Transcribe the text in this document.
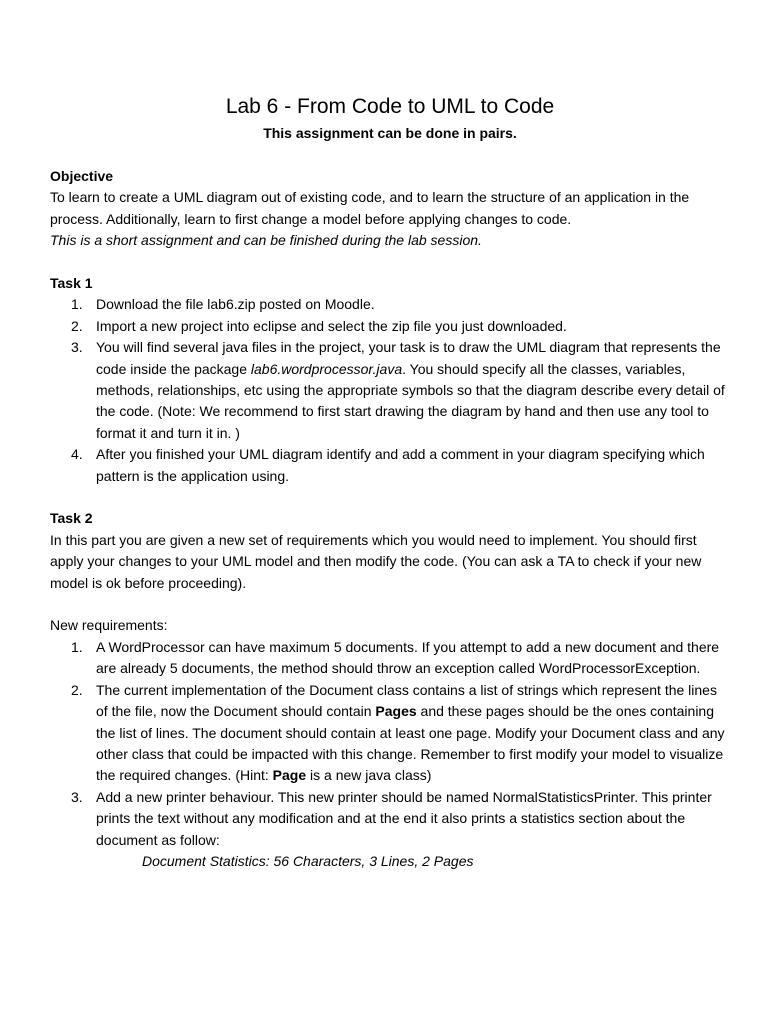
Lab 6 - From Code to UML to Code
This assignment can be done in pairs.
Objective

To learn to create a UML diagram out of existing code, and to learn the structure of an application in the process. Additionally, learn to first change a model before applying changes to code.

This is a short assignment and can be finished during the lab session.

Task 1
1. Download the file lab6.zip posted on Moodle.
2. Import a new project into eclipse and select the zip file you just downloaded.
3. You will find several java files in the project, your task is to draw the UML diagram that represents the code inside the package lab6.wordprocessor.java. You should specify all the classes, variables, methods, relationships, etc using the appropriate symbols so that the diagram describe every detail of the code. (Note: We recommend to first start drawing the diagram by hand and then use any tool to format it and turn it in. )
4. After you finished your UML diagram identify and add a comment in your diagram specifying which pattern is the application using.
Task 2

In this part you are given a new set of requirements which you would need to implement. You should first apply your changes to your UML model and then modify the code. (You can ask a TA to check if your new model is ok before proceeding).

New requirements:

1. A WordProcessor can have maximum 5 documents. If you attempt to add a new document and there are already 5 documents, the method should throw an exception called WordProcessorException.
2. The current implementation of the Document class contains a list of strings which represent the lines of the file, now the Document should contain Pages and these pages should be the ones containing the list of lines. The document should contain at least one page. Modify your Document class and any other class that could be impacted with this change. Remember to first modify your model to visualize the required changes. (Hint: Page is a new java class)
3. Add a new printer behaviour. This new printer should be named NormalStatisticsPrinter. This printer prints the text without any modification and at the end it also prints a statistics section about the document as follow:
Document Statistics: 56 Characters, 3 Lines, 2 Pages
